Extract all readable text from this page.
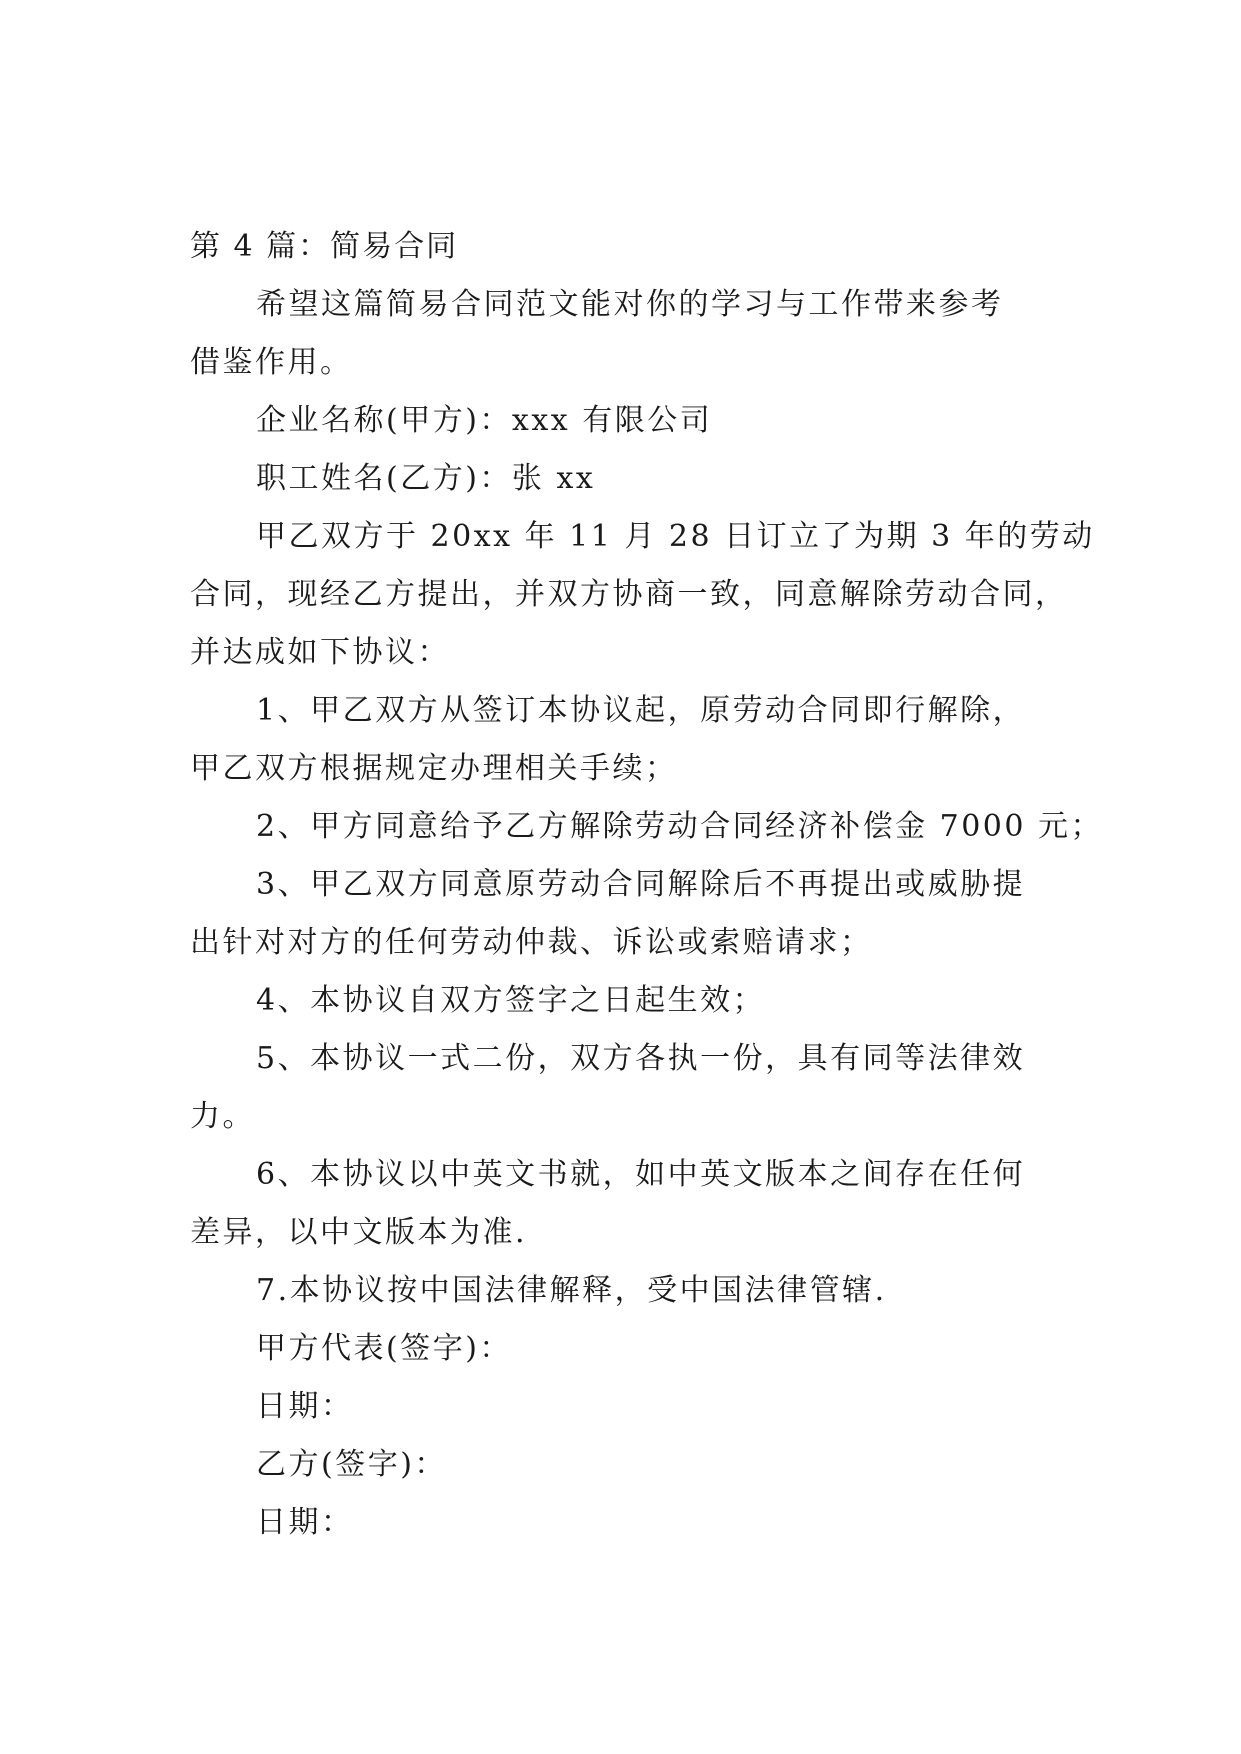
第 4 篇：简易合同
希望这篇简易合同范文能对你的学习与工作带来参考
借鉴作用。
企业名称(甲方)：xxx 有限公司
职工姓名(乙方)：张 xx
甲乙双方于 20xx 年 11 月 28 日订立了为期 3 年的劳动
合同，现经乙方提出，并双方协商一致，同意解除劳动合同，
并达成如下协议：
1、甲乙双方从签订本协议起，原劳动合同即行解除，
甲乙双方根据规定办理相关手续；
2、甲方同意给予乙方解除劳动合同经济补偿金 7000 元；
3、甲乙双方同意原劳动合同解除后不再提出或威胁提
出针对对方的任何劳动仲裁、诉讼或索赔请求；
4、本协议自双方签字之日起生效；
5、本协议一式二份，双方各执一份，具有同等法律效
力。
6、本协议以中英文书就，如中英文版本之间存在任何
差异，以中文版本为准.
7.本协议按中国法律解释，受中国法律管辖.
甲方代表(签字)：
日期：
乙方(签字)：
日期：
